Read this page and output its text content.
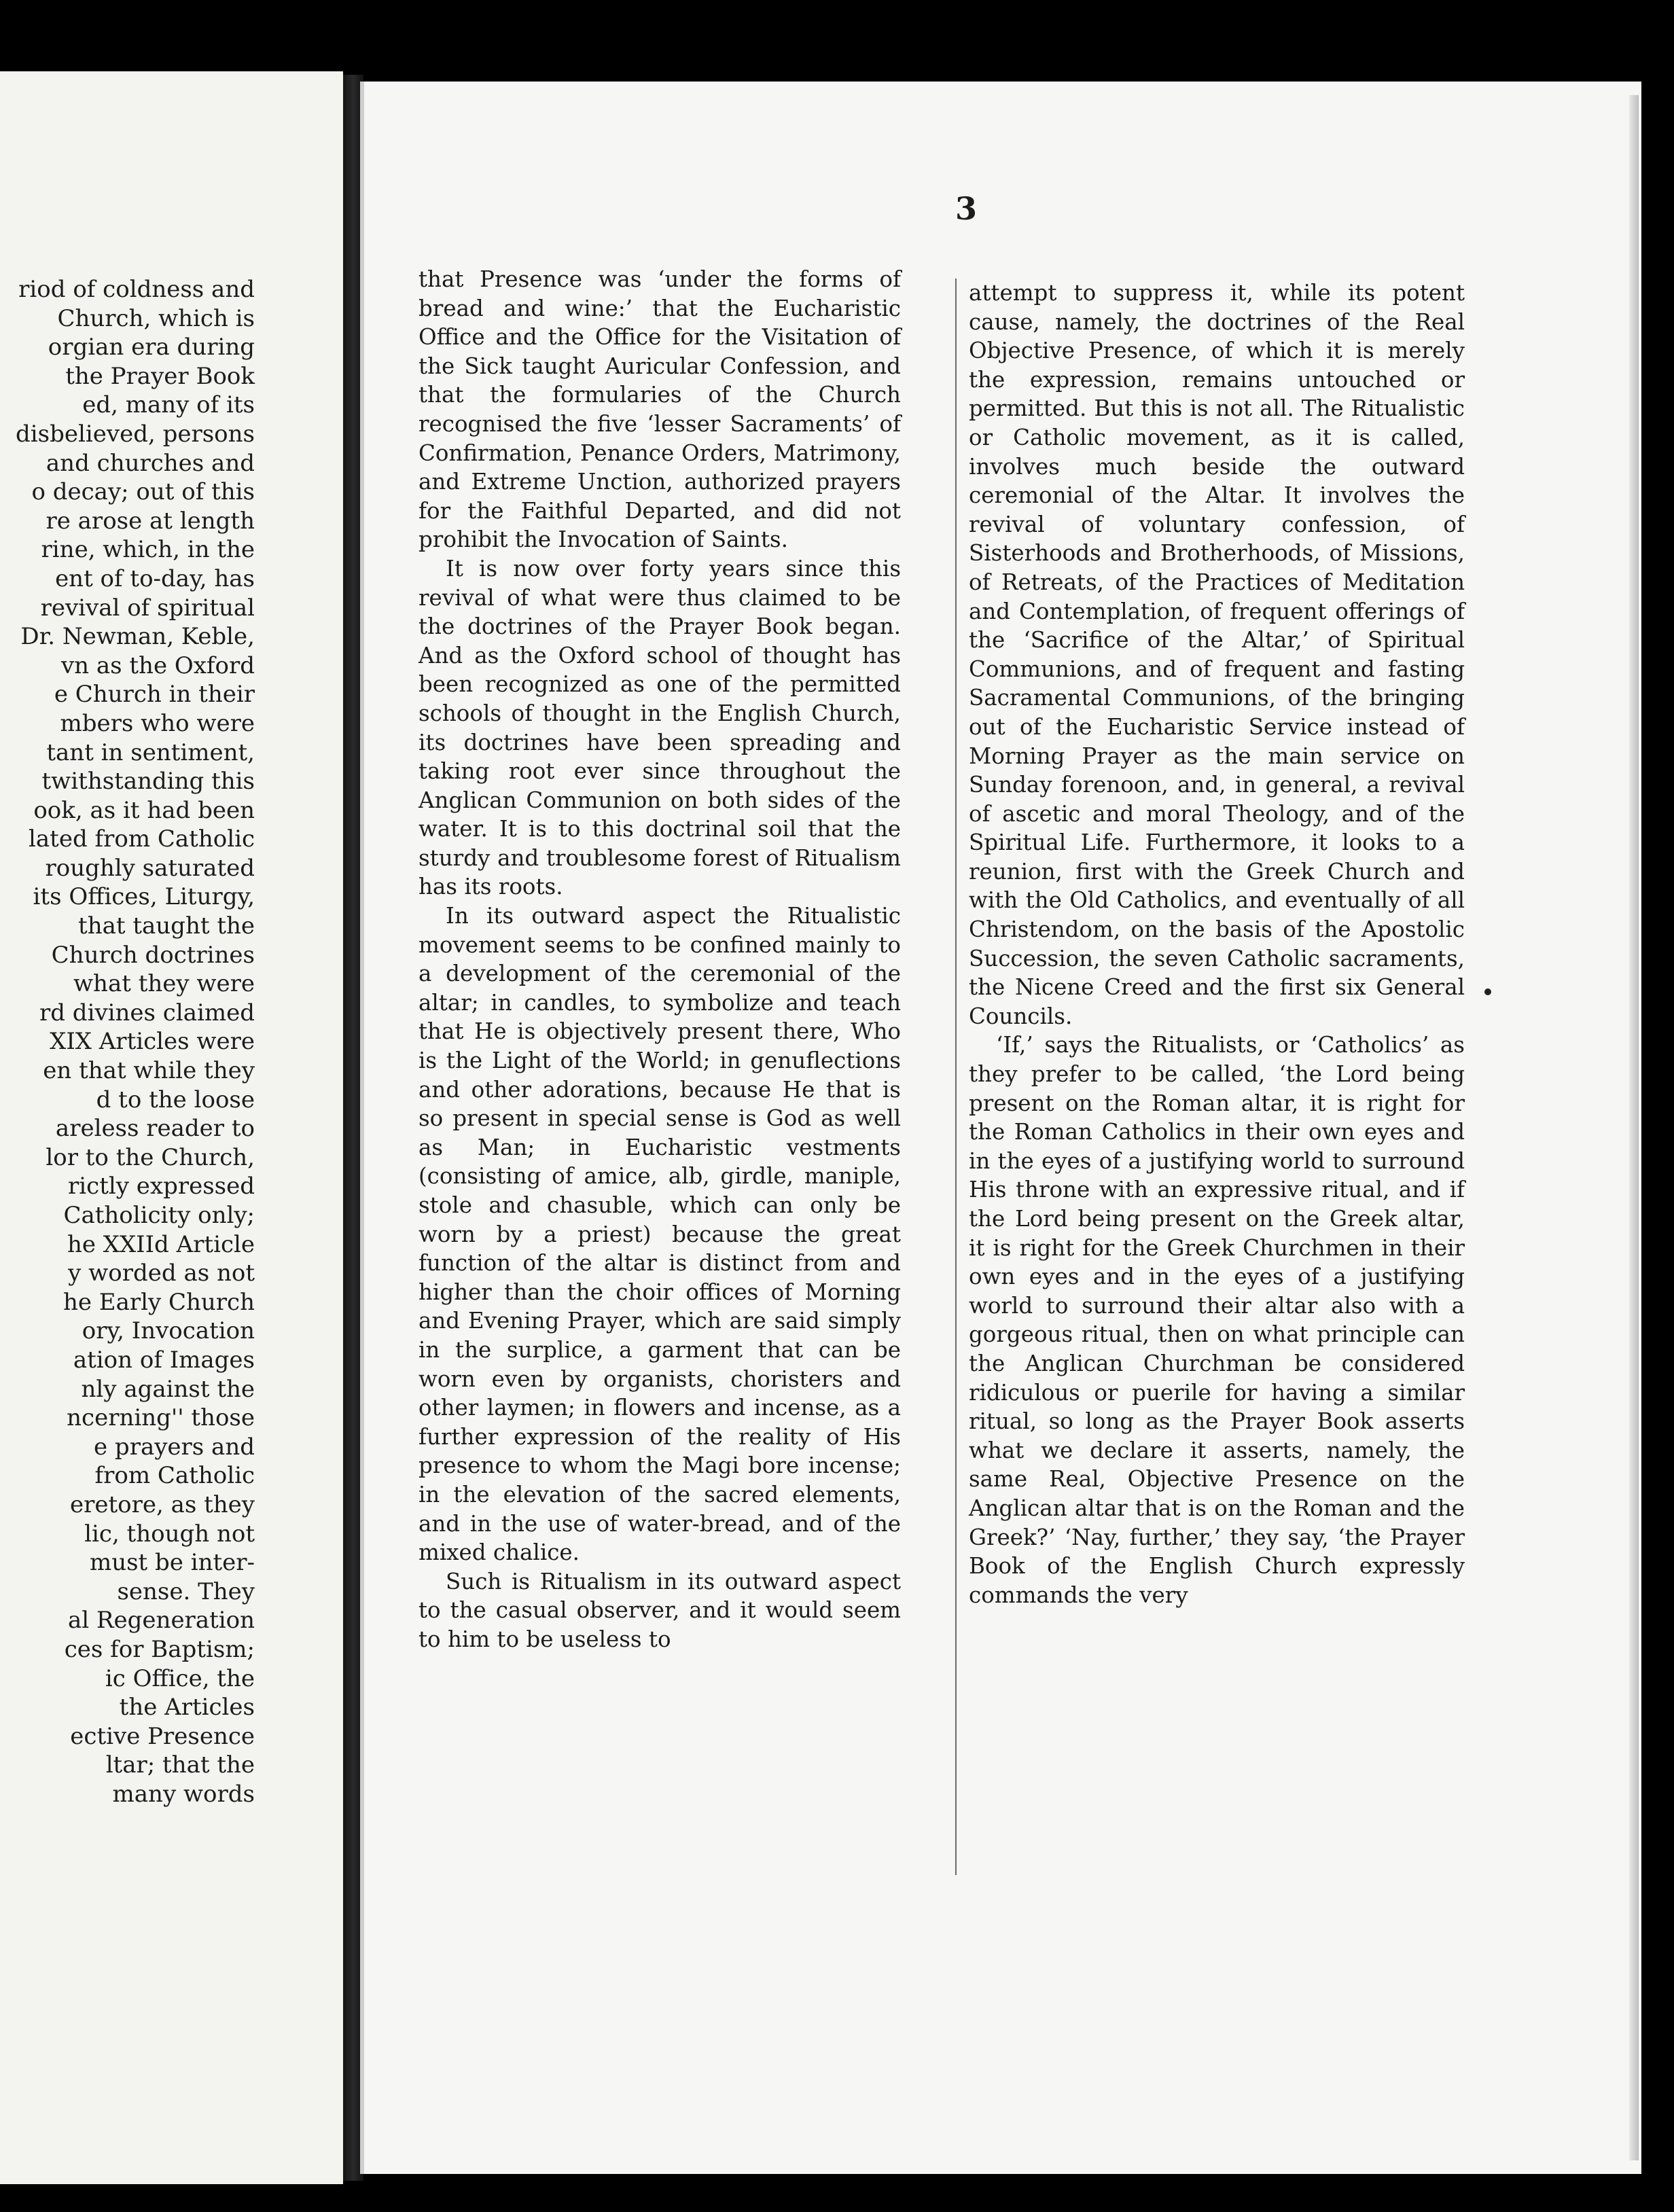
riod of coldness and
Church, which is
orgian era during
the Prayer Book
ed, many of its
disbelieved, persons
and churches and
o decay; out of this
re arose at length
rine, which, in the
ent of to-day, has
revival of spiritual
Dr. Newman, Keble,
vn as the Oxford
e Church in their
mbers who were
tant in sentiment,
twithstanding this
ook, as it had been
lated from Catholic
roughly saturated
its Offices, Liturgy,
that taught the
Church doctrines
what they were
rd divines claimed
XIX Articles were
en that while they
d to the loose
areless reader to
lor to the Church,
rictly expressed
Catholicity only;
he XXIId Article
y worded as not
he Early Church
ory, Invocation
ation of Images
nly against the
ncerning'' those
e prayers and
from Catholic
eretore, as they
lic, though not
must be inter-
sense. They
al Regeneration
ces for Baptism;
ic Office, the
the Articles
ective Presence
ltar; that the
many words
3

that Presence was ‘under the forms of bread and wine:’ that the Eucharistic Office and the Office for the Visitation of the Sick taught Auricular Confession, and that the formularies of the Church recognised the five ‘lesser Sacraments’ of Confirmation, Penance Orders, Matrimony, and Extreme Unction, authorized prayers for the Faithful Departed, and did not prohibit the Invocation of Saints.

It is now over forty years since this revival of what were thus claimed to be the doctrines of the Prayer Book began. And as the Oxford school of thought has been recognized as one of the permitted schools of thought in the English Church, its doctrines have been spreading and taking root ever since throughout the Anglican Communion on both sides of the water. It is to this doctrinal soil that the sturdy and troublesome forest of Ritualism has its roots.

In its outward aspect the Ritualistic movement seems to be confined mainly to a development of the ceremonial of the altar; in candles, to symbolize and teach that He is objectively present there, Who is the Light of the World; in genuflections and other adorations, because He that is so present in special sense is God as well as Man; in Eucharistic vestments (consisting of amice, alb, girdle, maniple, stole and chasuble, which can only be worn by a priest) because the great function of the altar is distinct from and higher than the choir offices of Morning and Evening Prayer, which are said simply in the surplice, a garment that can be worn even by organists, choristers and other laymen; in flowers and incense, as a further expression of the reality of His presence to whom the Magi bore incense; in the elevation of the sacred elements, and in the use of water-bread, and of the mixed chalice.

Such is Ritualism in its outward aspect to the casual observer, and it would seem to him to be useless to

attempt to suppress it, while its potent cause, namely, the doctrines of the Real Objective Presence, of which it is merely the expression, remains untouched or permitted. But this is not all. The Ritualistic or Catholic movement, as it is called, involves much beside the outward ceremonial of the Altar. It involves the revival of voluntary confession, of Sisterhoods and Brotherhoods, of Missions, of Retreats, of the Practices of Meditation and Contemplation, of frequent offerings of the ‘Sacrifice of the Altar,’ of Spiritual Communions, and of frequent and fasting Sacramental Communions, of the bringing out of the Eucharistic Service instead of Morning Prayer as the main service on Sunday forenoon, and, in general, a revival of ascetic and moral Theology, and of the Spiritual Life. Furthermore, it looks to a reunion, first with the Greek Church and with the Old Catholics, and eventually of all Christendom, on the basis of the Apostolic Succession, the seven Catholic sacraments, the Nicene Creed and the first six General Councils.

‘If,’ says the Ritualists, or ‘Catholics’ as they prefer to be called, ‘the Lord being present on the Roman altar, it is right for the Roman Catholics in their own eyes and in the eyes of a justifying world to surround His throne with an expressive ritual, and if the Lord being present on the Greek altar, it is right for the Greek Churchmen in their own eyes and in the eyes of a justifying world to surround their altar also with a gorgeous ritual, then on what principle can the Anglican Churchman be considered ridiculous or puerile for having a similar ritual, so long as the Prayer Book asserts what we declare it asserts, namely, the same Real, Objective Presence on the Anglican altar that is on the Roman and the Greek?’ ‘Nay, further,’ they say, ‘the Prayer Book of the English Church expressly commands the very
